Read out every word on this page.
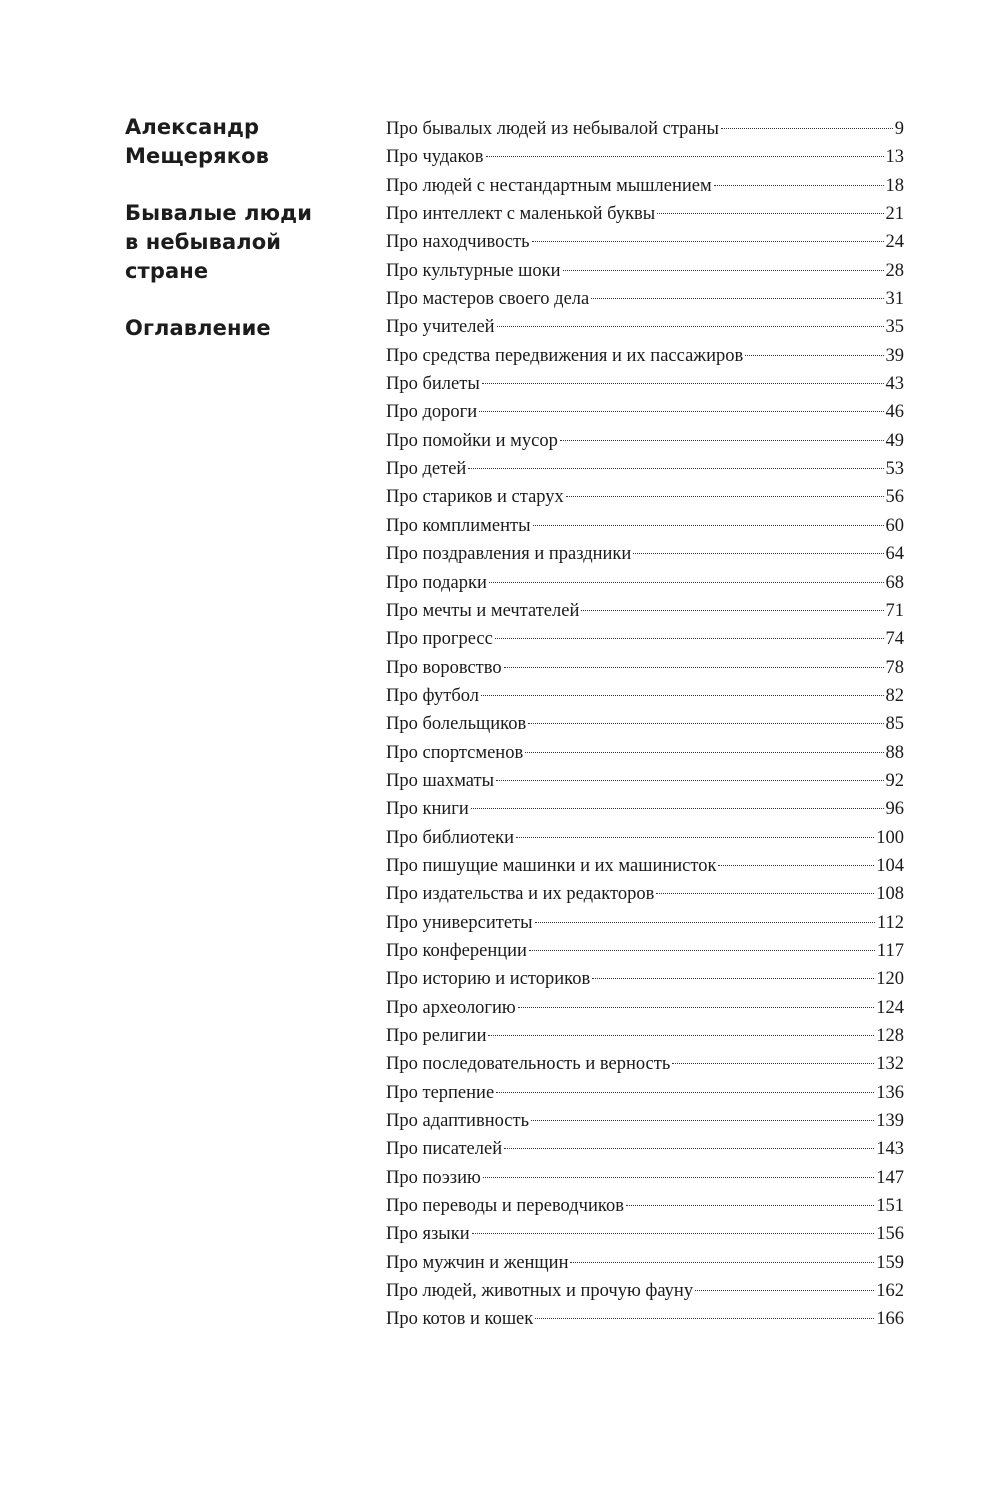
Александр
Мещеряков
Бывалые люди
в небывалой
стране
Оглавление
Про бывалых людей из небывалой страны	9
Про чудаков	13
Про людей с нестандартным мышлением	18
Про интеллект с маленькой буквы	21
Про находчивость	24
Про культурные шоки	28
Про мастеров своего дела	31
Про учителей	35
Про средства передвижения и их пассажиров	39
Про билеты	43
Про дороги	46
Про помойки и мусор	49
Про детей	53
Про стариков и старух	56
Про комплименты	60
Про поздравления и праздники	64
Про подарки	68
Про мечты и мечтателей	71
Про прогресс	74
Про воровство	78
Про футбол	82
Про болельщиков	85
Про спортсменов	88
Про шахматы	92
Про книги	96
Про библиотеки	100
Про пишущие машинки и их машинисток	104
Про издательства и их редакторов	108
Про университеты	112
Про конференции	117
Про историю и историков	120
Про археологию	124
Про религии	128
Про последовательность и верность	132
Про терпение	136
Про адаптивность	139
Про писателей	143
Про поэзию	147
Про переводы и переводчиков	151
Про языки	156
Про мужчин и женщин	159
Про людей, животных и прочую фауну	162
Про котов и кошек	166
